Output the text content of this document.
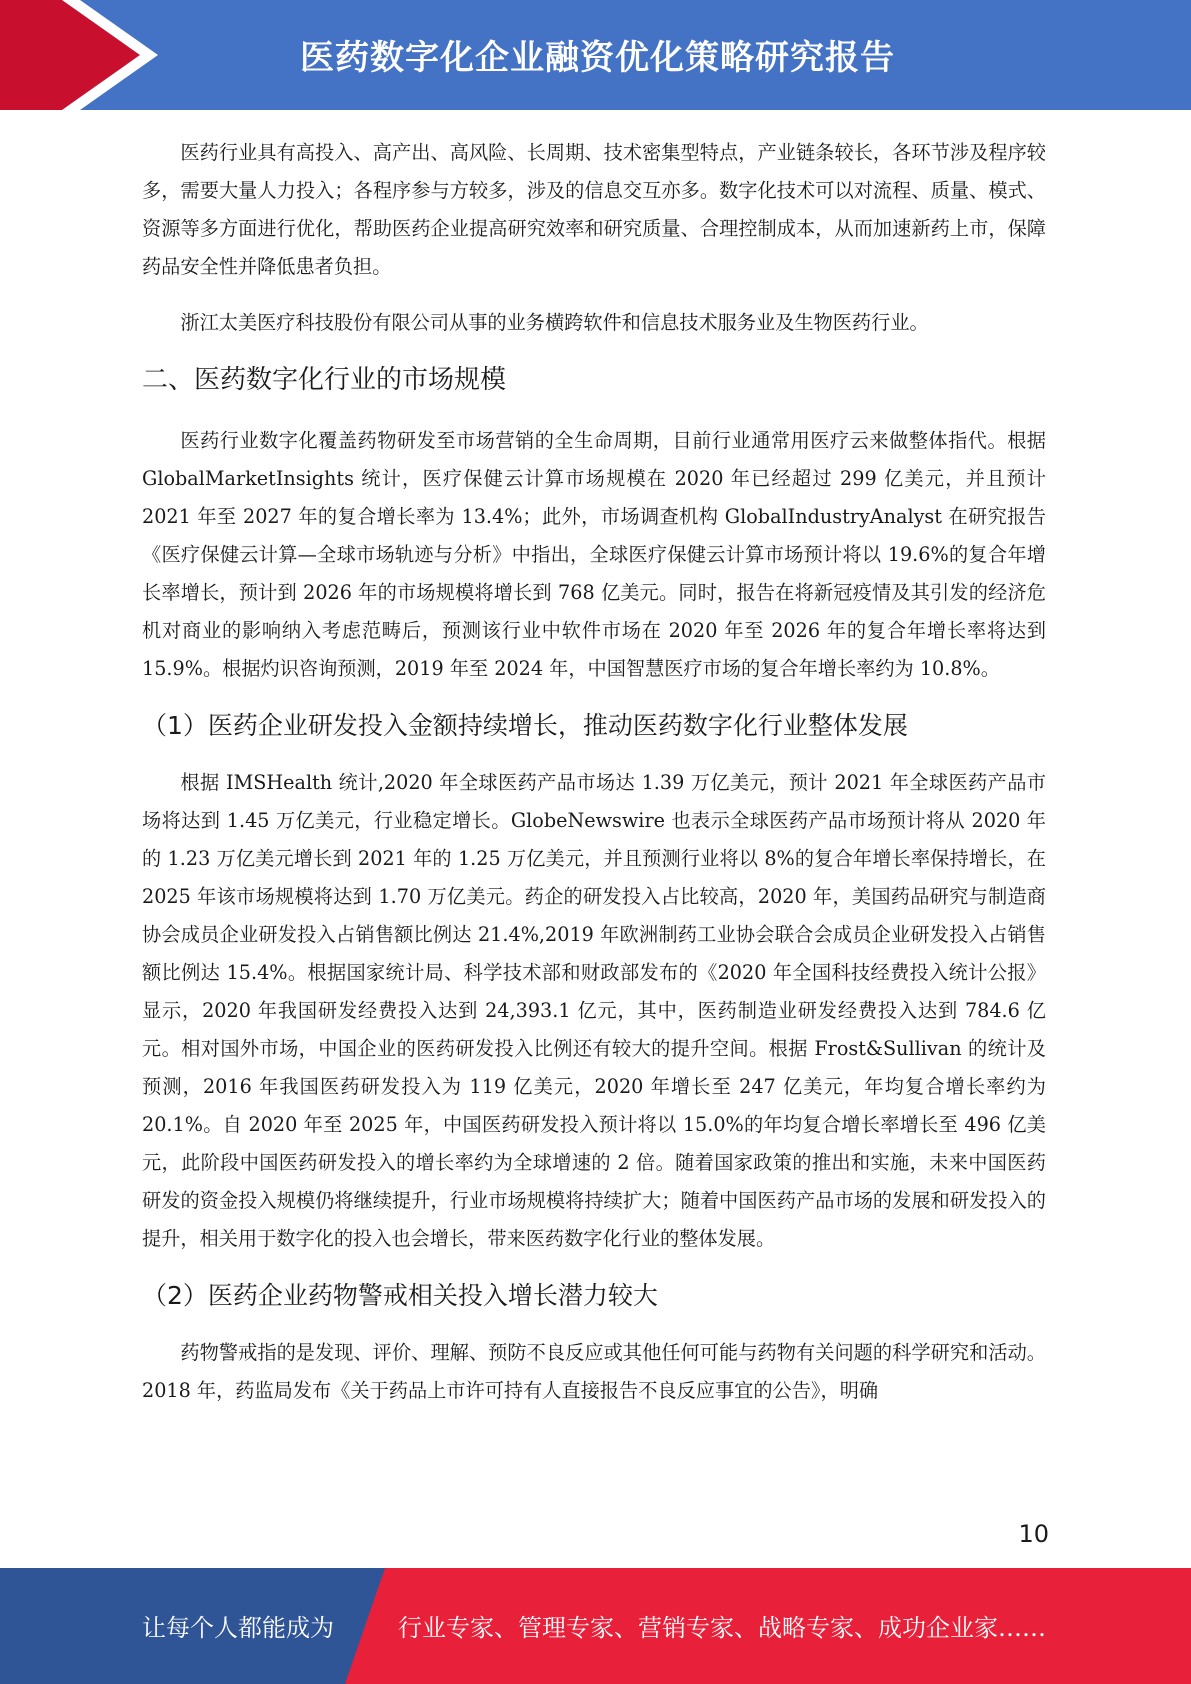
医药数字化企业融资优化策略研究报告

医药行业具有高投入、高产出、高风险、长周期、技术密集型特点，产业链条较长，各环节涉及程序较多，需要大量人力投入；各程序参与方较多，涉及的信息交互亦多。数字化技术可以对流程、质量、模式、资源等多方面进行优化，帮助医药企业提高研究效率和研究质量、合理控制成本，从而加速新药上市，保障药品安全性并降低患者负担。

浙江太美医疗科技股份有限公司从事的业务横跨软件和信息技术服务业及生物医药行业。

二、医药数字化行业的市场规模

医药行业数字化覆盖药物研发至市场营销的全生命周期，目前行业通常用医疗云来做整体指代。根据 GlobalMarketInsights 统计，医疗保健云计算市场规模在 2020 年已经超过 299 亿美元，并且预计 2021 年至 2027 年的复合增长率为 13.4%；此外，市场调查机构 GlobalIndustryAnalyst 在研究报告《医疗保健云计算—全球市场轨迹与分析》中指出，全球医疗保健云计算市场预计将以 19.6%的复合年增长率增长，预计到 2026 年的市场规模将增长到 768 亿美元。同时，报告在将新冠疫情及其引发的经济危机对商业的影响纳入考虑范畴后，预测该行业中软件市场在 2020 年至 2026 年的复合年增长率将达到 15.9%。根据灼识咨询预测，2019 年至 2024 年，中国智慧医疗市场的复合年增长率约为 10.8%。

（1）医药企业研发投入金额持续增长，推动医药数字化行业整体发展

根据 IMSHealth 统计,2020 年全球医药产品市场达 1.39 万亿美元，预计 2021 年全球医药产品市场将达到 1.45 万亿美元，行业稳定增长。GlobeNewswire 也表示全球医药产品市场预计将从 2020 年的 1.23 万亿美元增长到 2021 年的 1.25 万亿美元，并且预测行业将以 8%的复合年增长率保持增长，在 2025 年该市场规模将达到 1.70 万亿美元。药企的研发投入占比较高，2020 年，美国药品研究与制造商协会成员企业研发投入占销售额比例达 21.4%,2019 年欧洲制药工业协会联合会成员企业研发投入占销售额比例达 15.4%。根据国家统计局、科学技术部和财政部发布的《2020 年全国科技经费投入统计公报》显示，2020 年我国研发经费投入达到 24,393.1 亿元，其中，医药制造业研发经费投入达到 784.6 亿元。相对国外市场，中国企业的医药研发投入比例还有较大的提升空间。根据 Frost&Sullivan 的统计及预测，2016 年我国医药研发投入为 119 亿美元，2020 年增长至 247 亿美元，年均复合增长率约为 20.1%。自 2020 年至 2025 年，中国医药研发投入预计将以 15.0%的年均复合增长率增长至 496 亿美元，此阶段中国医药研发投入的增长率约为全球增速的 2 倍。随着国家政策的推出和实施，未来中国医药研发的资金投入规模仍将继续提升，行业市场规模将持续扩大；随着中国医药产品市场的发展和研发投入的提升，相关用于数字化的投入也会增长，带来医药数字化行业的整体发展。

（2）医药企业药物警戒相关投入增长潜力较大

药物警戒指的是发现、评价、理解、预防不良反应或其他任何可能与药物有关问题的科学研究和活动。2018 年，药监局发布《关于药品上市许可持有人直接报告不良反应事宜的公告》，明确

10
让每个人都能成为	行业专家、管理专家、营销专家、战略专家、成功企业家……
